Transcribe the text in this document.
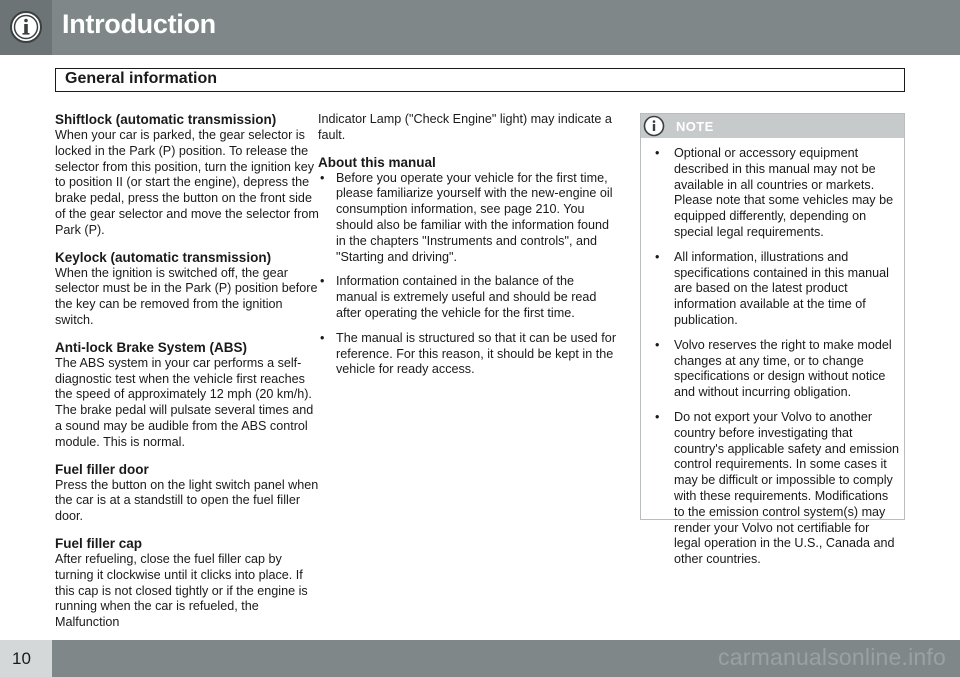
Introduction
General information
Shiftlock (automatic transmission)

When your car is parked, the gear selector is locked in the Park (P) position. To release the selector from this position, turn the ignition key to position II (or start the engine), depress the brake pedal, press the button on the front side of the gear selector and move the selector from Park (P).

Keylock (automatic transmission)

When the ignition is switched off, the gear selector must be in the Park (P) position before the key can be removed from the ignition switch.

Anti-lock Brake System (ABS)

The ABS system in your car performs a self-diagnostic test when the vehicle first reaches the speed of approximately 12 mph (20 km/h). The brake pedal will pulsate several times and a sound may be audible from the ABS control module. This is normal.

Fuel filler door

Press the button on the light switch panel when the car is at a standstill to open the fuel filler door.

Fuel filler cap

After refueling, close the fuel filler cap by turning it clockwise until it clicks into place. If this cap is not closed tightly or if the engine is running when the car is refueled, the Malfunction

Indicator Lamp ("Check Engine" light) may indicate a fault.

About this manual
• Before you operate your vehicle for the first time, please familiarize yourself with the new-engine oil consumption information, see page 210. You should also be familiar with the information found in the chapters "Instruments and controls", and "Starting and driving".
• Information contained in the balance of the manual is extremely useful and should be read after operating the vehicle for the first time.
• The manual is structured so that it can be used for reference. For this reason, it should be kept in the vehicle for ready access.
NOTE
• Optional or accessory equipment described in this manual may not be available in all countries or markets. Please note that some vehicles may be equipped differently, depending on special legal requirements.
• All information, illustrations and specifications contained in this manual are based on the latest product information available at the time of publication.
• Volvo reserves the right to make model changes at any time, or to change specifications or design without notice and without incurring obligation.
• Do not export your Volvo to another country before investigating that country's applicable safety and emission control requirements. In some cases it may be difficult or impossible to comply with these requirements. Modifications to the emission control system(s) may render your Volvo not certifiable for legal operation in the U.S., Canada and other countries.
10	carmanualsonline.info
